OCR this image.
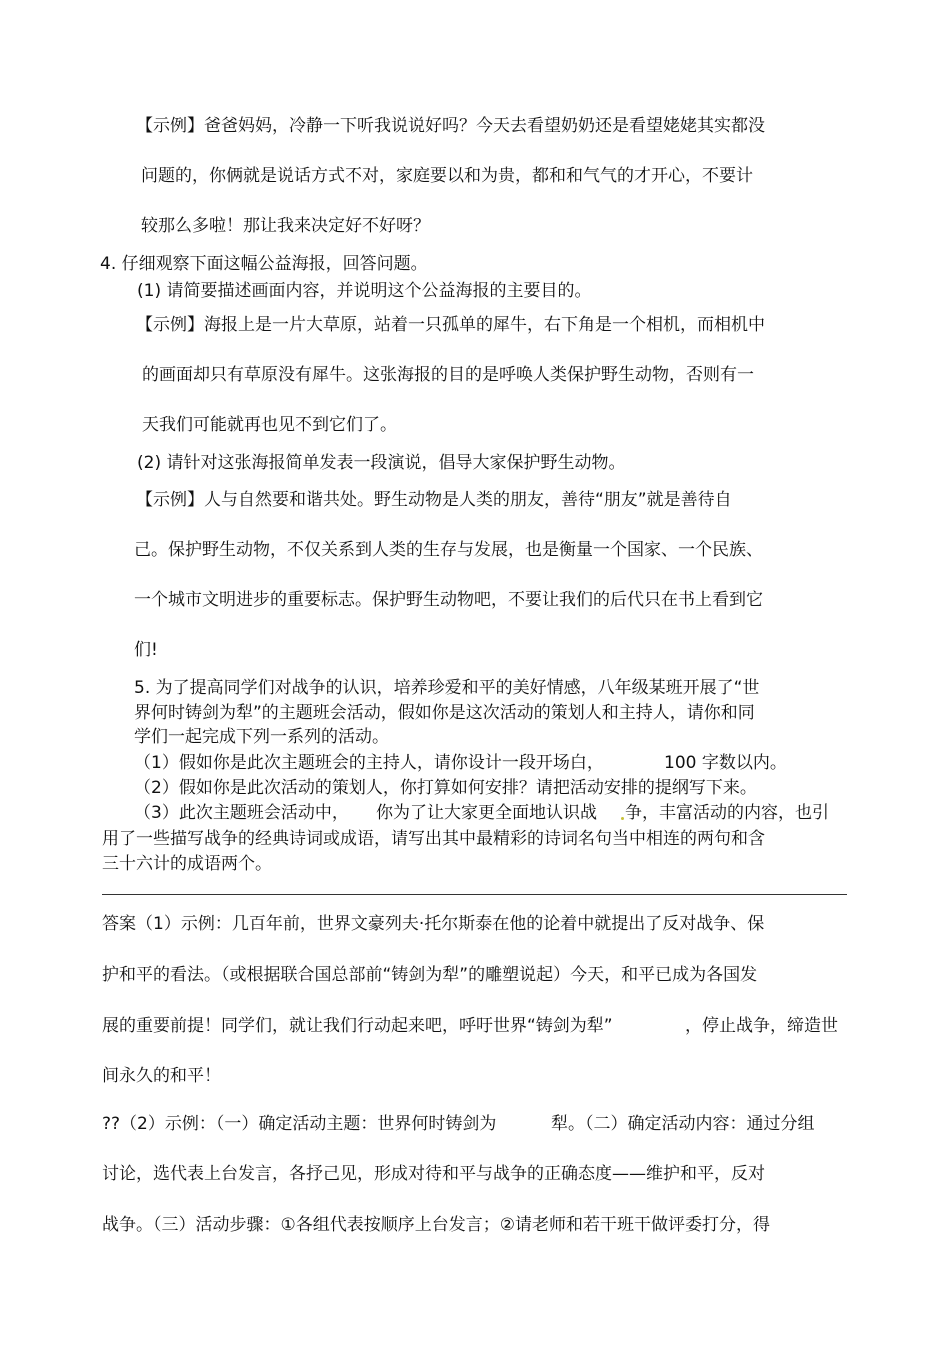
【示例】爸爸妈妈，冷静一下听我说说好吗？今天去看望奶奶还是看望姥姥其实都没

问题的，你俩就是说话方式不对，家庭要以和为贵，都和和气气的才开心，不要计

较那么多啦！那让我来决定好不好呀？

4. 仔细观察下面这幅公益海报，回答问题。

(1) 请简要描述画面内容，并说明这个公益海报的主要目的。

【示例】海报上是一片大草原，站着一只孤单的犀牛，右下角是一个相机，而相机中

的画面却只有草原没有犀牛。这张海报的目的是呼唤人类保护野生动物，否则有一

天我们可能就再也见不到它们了。

(2) 请针对这张海报简单发表一段演说，倡导大家保护野生动物。

【示例】人与自然要和谐共处。野生动物是人类的朋友，善待“朋友”就是善待自

己。保护野生动物，不仅关系到人类的生存与发展，也是衡量一个国家、一个民族、

一个城市文明进步的重要标志。保护野生动物吧，不要让我们的后代只在书上看到它

们!

5. 为了提高同学们对战争的认识，培养珍爱和平的美好情感，八年级某班开展了“世

界何时铸剑为犁”的主题班会活动，假如你是这次活动的策划人和主持人，请你和同

学们一起完成下列一系列的活动。

（1）假如你是此次主题班会的主持人，请你设计一段开场白，	100 字数以内。

（2）假如你是此次活动的策划人，你打算如何安排？请把活动安排的提纲写下来。

（3）此次主题班会活动中， 你为了让大家更全面地认识战 争，丰富活动的内容，也引

用了一些描写战争的经典诗词或成语，请写出其中最精彩的诗词名句当中相连的两句和含

三十六计的成语两个。

答案（1）示例：几百年前，世界文豪列夫·托尔斯泰在他的论着中就提出了反对战争、保

护和平的看法。（或根据联合国总部前“铸剑为犁”的雕塑说起）今天，和平已成为各国发

展的重要前提！同学们，就让我们行动起来吧，呼吁世界“铸剑为犁”	，停止战争，缔造世

间永久的和平！

??（2）示例：（一）确定活动主题：世界何时铸剑为	犁。（二）确定活动内容：通过分组

讨论，选代表上台发言，各抒己见，形成对待和平与战争的正确态度——维护和平，反对

战争。（三）活动步骤：①各组代表按顺序上台发言；②请老师和若干班干做评委打分，得
